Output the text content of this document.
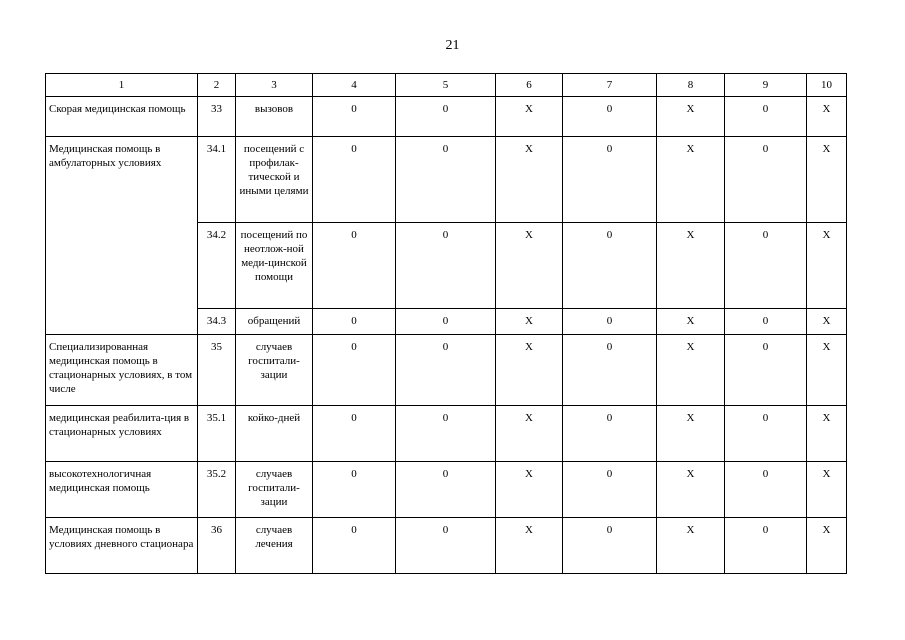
21
1	2	3	4	5	6	7	8	9	10
Скорая медицинская помощь	33	вызовов	0	0	Х	0	Х	0	Х
Медицинская помощь в амбулаторных условиях	34.1	посещений с профилак-тической и иными целями	0	0	Х	0	Х	0	Х
	34.2	посещений по неотлож-ной меди-цинской помощи	0	0	Х	0	Х	0	Х
	34.3	обращений	0	0	Х	0	Х	0	Х
Специализированная медицинская помощь в стационарных условиях, в том числе	35	случаев госпитали-зации	0	0	Х	0	Х	0	Х
медицинская реабилита-ция в стационарных условиях	35.1	койко-дней	0	0	Х	0	Х	0	Х
высокотехнологичная медицинская помощь	35.2	случаев госпитали-зации	0	0	Х	0	Х	0	Х
Медицинская помощь в условиях дневного стационара	36	случаев лечения	0	0	Х	0	Х	0	Х
